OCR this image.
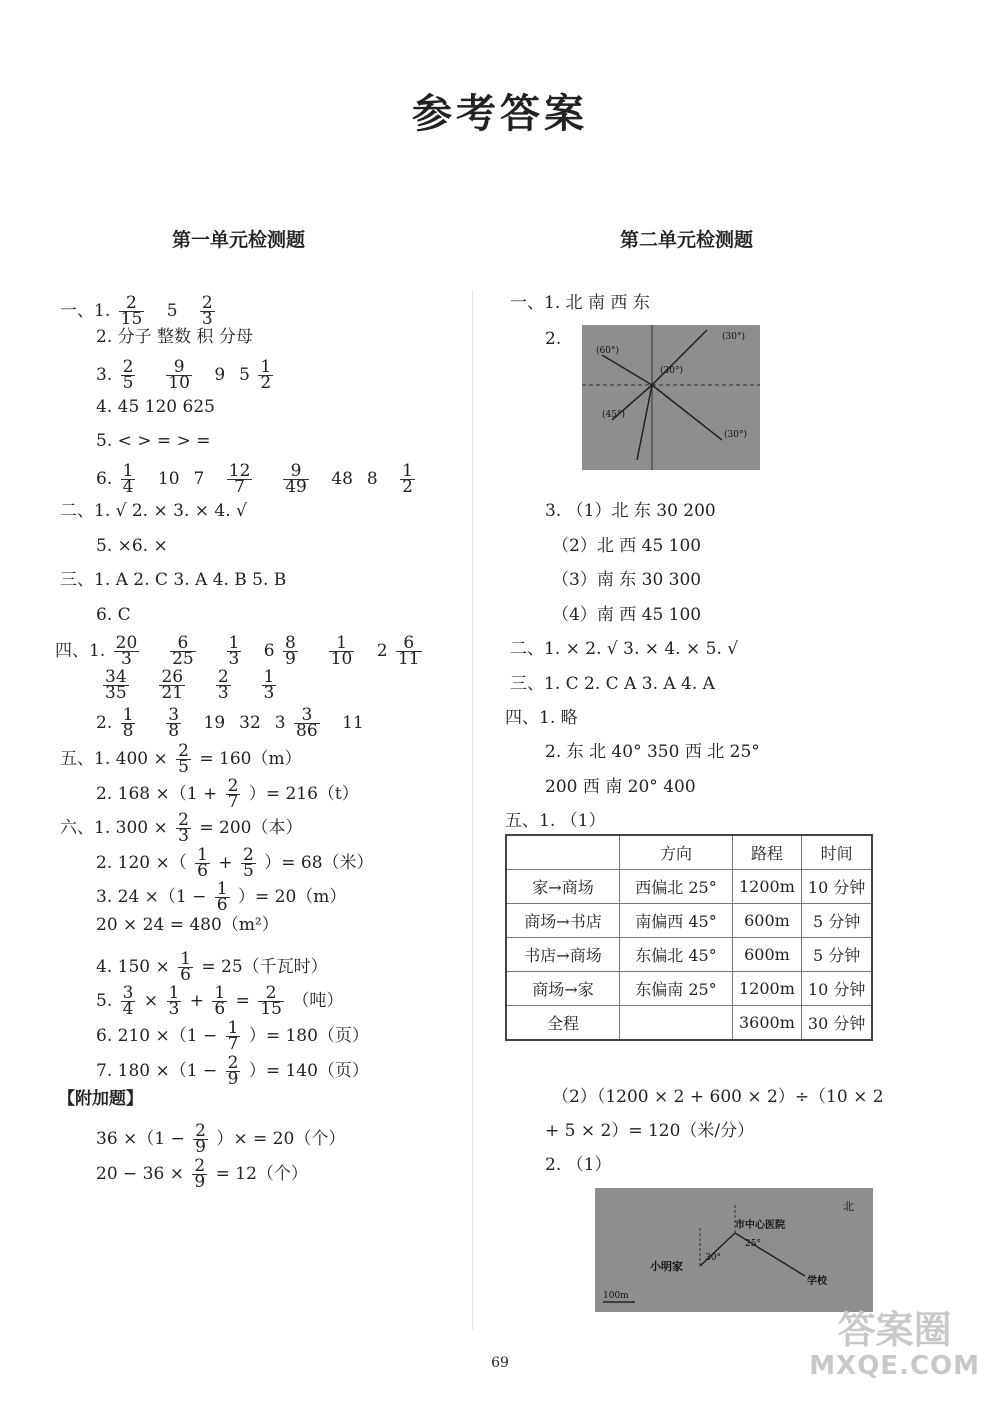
参考答案
第一单元检测题	第二单元检测题
一、1. $\frac{2}{15} 5 \frac{2}{3}$
2. 分子 整数 积 分母
3. $\frac{2}{5}$
$\frac{9}{10} 9$ $5 \frac{1}{2}$
4. 45 120 625
5. < > = > =
6. $\frac{1}{4} 10$ $7 \frac{12}{7}$
$\frac{9}{49} 48$ $8 \frac{1}{2}$
二、1. √ 2. × 3. × 4. √
5. ×6. ×
三、1. A 2. C 3. A 4. B 5. B
6. C
四、1. $\frac{20}{3}$
$\frac{6}{25}$
$\frac{1}{3} 6 \frac{8}{9}$
$\frac{1}{10} 2 \frac{6}{11}$
$\frac{34}{35}$
$\frac{26}{21}$
$\frac{2}{3}$
$\frac{1}{3}$
2. $\frac{1}{8}$
$\frac{3}{8} 19$ 32 $3 \frac{3}{86} 11$
五、1. $400 \times \frac{2}{5} = 160(m)$
2. $168 \times(1 + \frac{2}{7}$ ）= 216（t）
六、1. $300 \times \frac{2}{3} = 200$（本）
2. 120 ×（ $\frac{1}{6} + \frac{2}{5}$ ）= 68（米）
3. $24 \times(1 - \frac{1}{6}$ ）= 20（m）
20 × 24 = 480（m²）
4. $150 \times \frac{1}{6} = 25$（千瓦时）
5. $\frac{3}{4} \times \frac{1}{3} + \frac{1}{6} = \frac{2}{15}$ （吨）
6. $210 \times(1 - \frac{1}{7}$ ）= 180（页）
7. $180 \times(1 - \frac{2}{9}$ ）= 140（页）
【附加题】
$36 \times(1 - \frac{2}{9}$ ）× = 20（个）
$20 - 36 \times \frac{2}{9} = 12$（个）
一、1. 北 南 西 东
2.
(60°)
(30°)
(45°)
(30°)
(30°)
3. （1）北 东 30 200
（2）北 西 45 100
（3）南 东 30 300
（4）南 西 45 100
二、1. × 2. √ 3. × 4. × 5. √
三、1. C 2. C A 3. A 4. A
四、1. 略
2. 东 北 40° 350 西 北 25°
200 西 南 20° 400
五、1. （1）
	方向	路程	时间
家→商场	西偏北 25°	1200m	10 分钟
商场→书店	南偏西 45°	600m	5 分钟
书店→商场	东偏北 45°	600m	5 分钟
商场→家	东偏南 25°	1200m	10 分钟
全程		3600m	30 分钟
（2）（1200 × 2 + 600 × 2）÷（10 × 2
+ 5 × 2）= 120（米/分）
2. （1）
北
小明家
市中心医院
学校
30°
25°
100m
69
答案圈
MXQE.COM
